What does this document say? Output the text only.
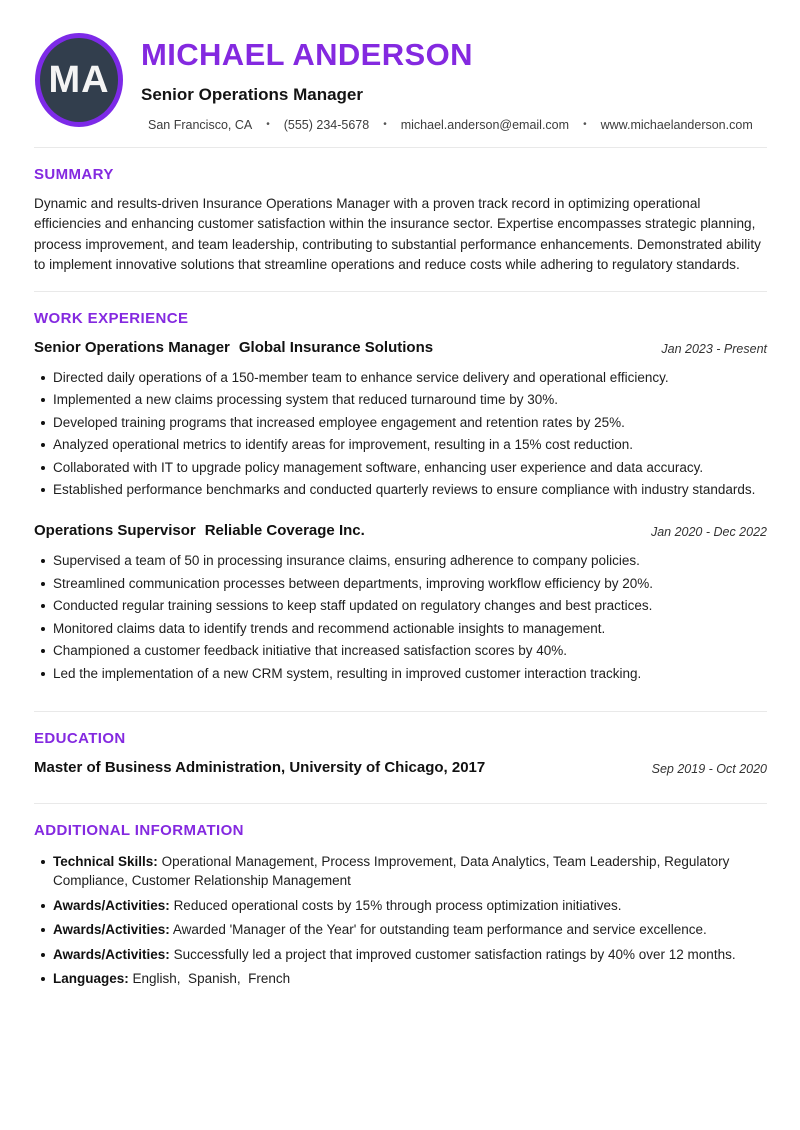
MA
MICHAEL ANDERSON
Senior Operations Manager
San Francisco, CA • (555) 234-5678 • michael.anderson@email.com • www.michaelanderson.com
SUMMARY

Dynamic and results-driven Insurance Operations Manager with a proven track record in optimizing operational efficiencies and enhancing customer satisfaction within the insurance sector. Expertise encompasses strategic planning, process improvement, and team leadership, contributing to substantial performance enhancements. Demonstrated ability to implement innovative solutions that streamline operations and reduce costs while adhering to regulatory standards.

WORK EXPERIENCE
Senior Operations Manager Global Insurance Solutions	Jan 2023 - Present
Directed daily operations of a 150-member team to enhance service delivery and operational efficiency.
Implemented a new claims processing system that reduced turnaround time by 30%.
Developed training programs that increased employee engagement and retention rates by 25%.
Analyzed operational metrics to identify areas for improvement, resulting in a 15% cost reduction.
Collaborated with IT to upgrade policy management software, enhancing user experience and data accuracy.
Established performance benchmarks and conducted quarterly reviews to ensure compliance with industry standards.
Operations Supervisor Reliable Coverage Inc.	Jan 2020 - Dec 2022
Supervised a team of 50 in processing insurance claims, ensuring adherence to company policies.
Streamlined communication processes between departments, improving workflow efficiency by 20%.
Conducted regular training sessions to keep staff updated on regulatory changes and best practices.
Monitored claims data to identify trends and recommend actionable insights to management.
Championed a customer feedback initiative that increased satisfaction scores by 40%.
Led the implementation of a new CRM system, resulting in improved customer interaction tracking.
EDUCATION
Master of Business Administration, University of Chicago, 2017	Sep 2019 - Oct 2020
ADDITIONAL INFORMATION
Technical Skills: Operational Management, Process Improvement, Data Analytics, Team Leadership, Regulatory Compliance, Customer Relationship Management
Awards/Activities: Reduced operational costs by 15% through process optimization initiatives.
Awards/Activities: Awarded 'Manager of the Year' for outstanding team performance and service excellence.
Awards/Activities: Successfully led a project that improved customer satisfaction ratings by 40% over 12 months.
Languages: English,  Spanish,  French
